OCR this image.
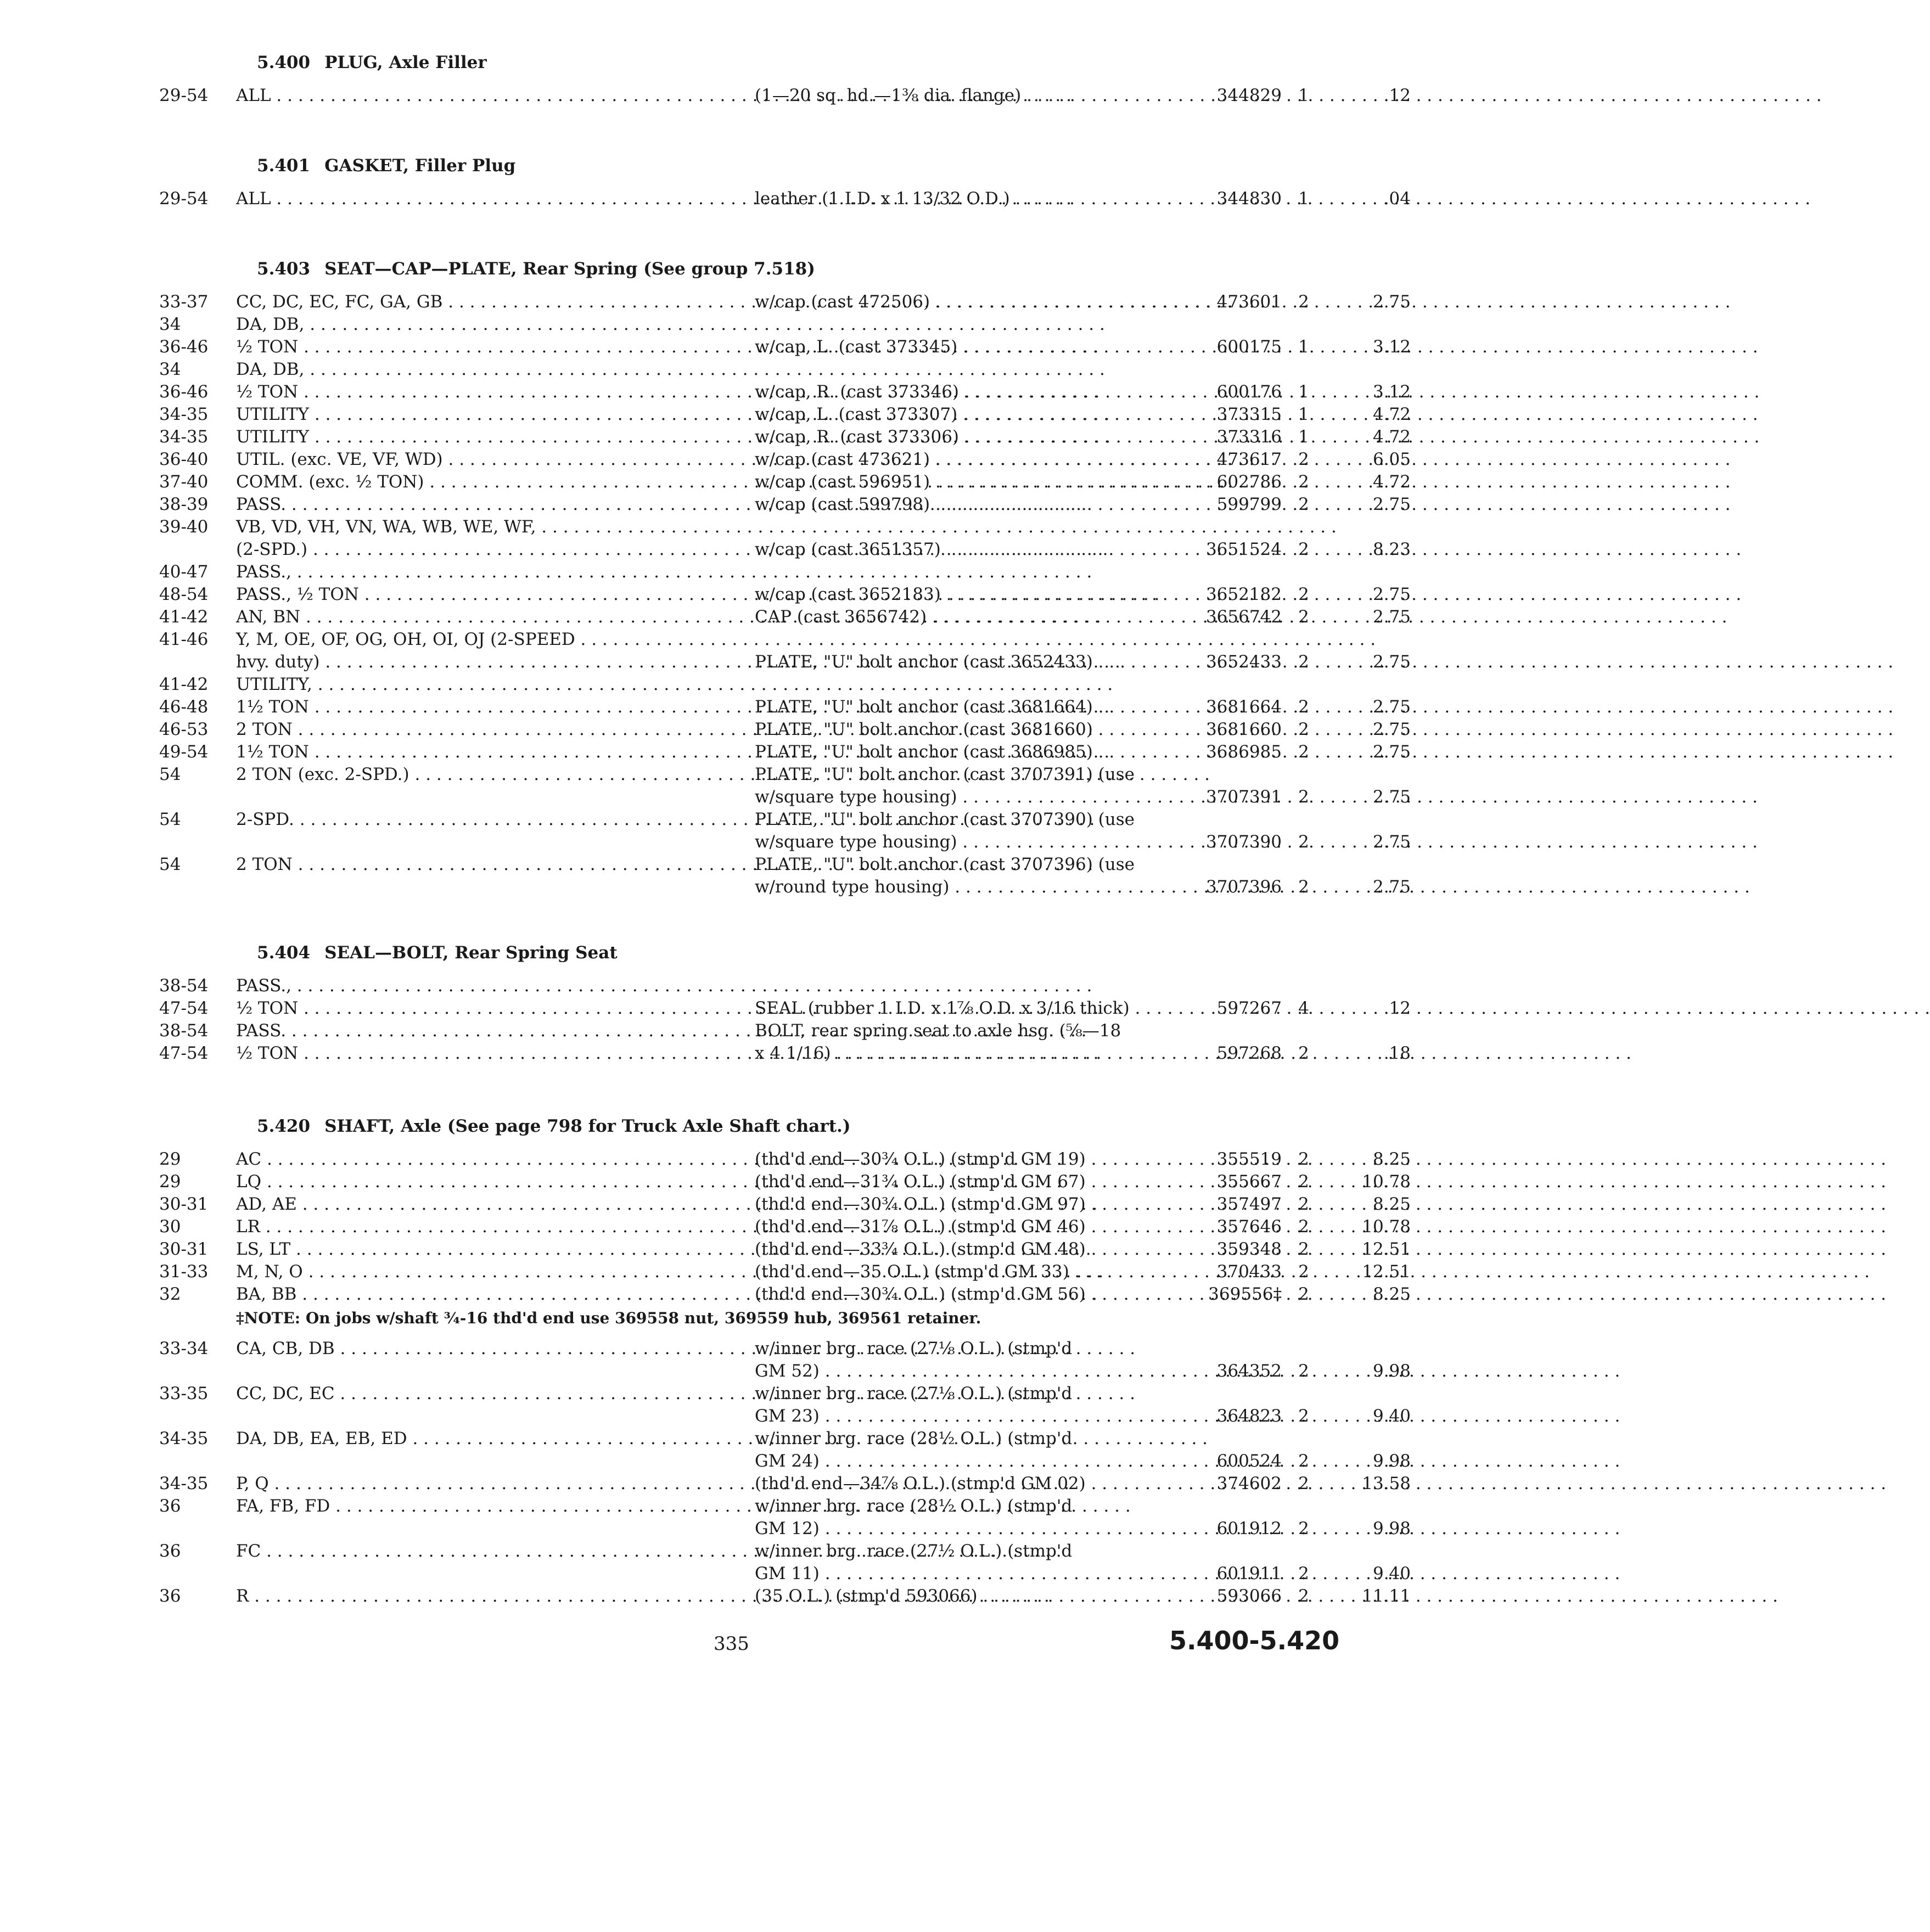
5.400 PLUG, Axle Filler
29-54	ALL . . .	(1—20 sq. hd.—1⅜ dia. flange) . . .	344829 1	.12
5.401 GASKET, Filler Plug
29-54	ALL . . .	leather (1 I.D. x 1 13/32 O.D.) . . .	344830 1	.04
5.403 SEAT—CAP—PLATE, Rear Spring (See group 7.518)
33-37	CC, DC, EC, FC, GA, GB . . .	w/cap (cast 472506) . . .	473601 2	2.75
34	DA, DB, . . .
36-46	½ TON . . .	w/cap, L. (cast 373345) . . .	600175 1	3.12
34	DA, DB, . . .
36-46	½ TON . . .	w/cap, R. (cast 373346) . . .	600176 1	3.12
34-35	UTILITY . . .	w/cap, L. (cast 373307) . . .	373315 1	4.72
34-35	UTILITY . . .	w/cap, R. (cast 373306) . . .	373316 1	4.72
36-40	UTIL. (exc. VE, VF, WD) . . .	w/cap (cast 473621) . . .	473617 2	6.05
37-40	COMM. (exc. ½ TON) . . .	w/cap (cast 596951) . . .	602786 2	4.72
38-39	PASS. . . .	w/cap (cast 599798) . . .	599799 2	2.75
39-40	VB, VD, VH, VN, WA, WB, WE, WF, . . .
(2-SPD.) . . .	w/cap (cast 3651357) . . .	3651524 2	8.23
40-47	PASS., . . .
48-54	PASS., ½ TON . . .	w/cap (cast 3652183) . . .	3652182 2	2.75
41-42	AN, BN . . .	CAP (cast 3656742) . . .	3656742 2	2.75
41-46	Y, M, OE, OF, OG, OH, OI, OJ (2-SPEED . . .
hvy. duty) . . .	PLATE, "U" bolt anchor (cast 3652433) . . .	3652433 2	2.75
41-42	UTILITY, . . .
46-48	1½ TON . . .	PLATE, "U" bolt anchor (cast 3681664) . . .	3681664 2	2.75
46-53	2 TON . . .	PLATE, "U" bolt anchor (cast 3681660) . . .	3681660 2	2.75
49-54	1½ TON . . .	PLATE, "U" bolt anchor (cast 3686985) . . .	3686985 2	2.75
54	2 TON (exc. 2-SPD.) . . .	PLATE, "U" bolt anchor (cast 3707391) (use
w/square type housing) . . .	3707391 2	2.75
54	2-SPD. . . .	PLATE, "U" bolt anchor (cast 3707390) (use
w/square type housing) . . .	3707390 2	2.75
54	2 TON . . .	PLATE, "U" bolt anchor (cast 3707396) (use
w/round type housing) . . .	3707396 2	2.75
5.404 SEAL—BOLT, Rear Spring Seat
38-54	PASS., . . .
47-54	½ TON . . .	SEAL (rubber 1 I.D. x 1⅞ O.D. x 3/16 thick) . . .	597267 4	.12
38-54	PASS. . . .	BOLT, rear spring seat to axle hsg. (⅝—18
47-54	½ TON . . .	x 4 1/16) . . .	597268 2	.18
5.420 SHAFT, Axle (See page 798 for Truck Axle Shaft chart.)
29	AC . . .	(thd'd end—30¾ O.L.) (stmp'd GM 19) . . .	355519 2	8.25
29	LQ . . .	(thd'd end—31¾ O.L.) (stmp'd GM 67) . . .	355667 2	10.78
30-31	AD, AE . . .	(thd'd end—30¾ O.L.) (stmp'd GM 97) . . .	357497 2	8.25
30	LR . . .	(thd'd end—31⅞ O.L.) (stmp'd GM 46) . . .	357646 2	10.78
30-31	LS, LT . . .	(thd'd end—33¾ O.L.) (stmp'd GM 48) . . .	359348 2	12.51
31-33	M, N, O . . .	(thd'd end—35 O.L.) (stmp'd GM 33) . . .	370433 2	12.51
32	BA, BB . . .	(thd'd end—30¾ O.L.) (stmp'd GM 56) . . .	369556‡ 2	8.25
‡NOTE: On jobs w/shaft ¾-16 thd'd end use 369558 nut, 369559 hub, 369561 retainer.
33-34	CA, CB, DB . . .	w/inner brg. race (27⅛ O.L.) (stmp'd
GM 52) . . .	364352 2	9.98
33-35	CC, DC, EC . . .	w/inner brg. race (27⅛ O.L.) (stmp'd
GM 23) . . .	364823 2	9.40
34-35	DA, DB, EA, EB, ED . . .	w/inner brg. race (28½ O.L.) (stmp'd
GM 24) . . .	600524 2	9.98
34-35	P, Q . . .	(thd'd end—34⅞ O.L.) (stmp'd GM 02) . . .	374602 2	13.58
36	FA, FB, FD . . .	w/inner brg. race (28½ O.L.) (stmp'd
GM 12) . . .	601912 2	9.98
36	FC . . .	w/inner brg. race (27½ O.L.) (stmp'd
GM 11) . . .	601911 2	9.40
36	R . . .	(35 O.L.) (stmp'd 593066) . . .	593066 2	11.11
335	5.400-5.420
